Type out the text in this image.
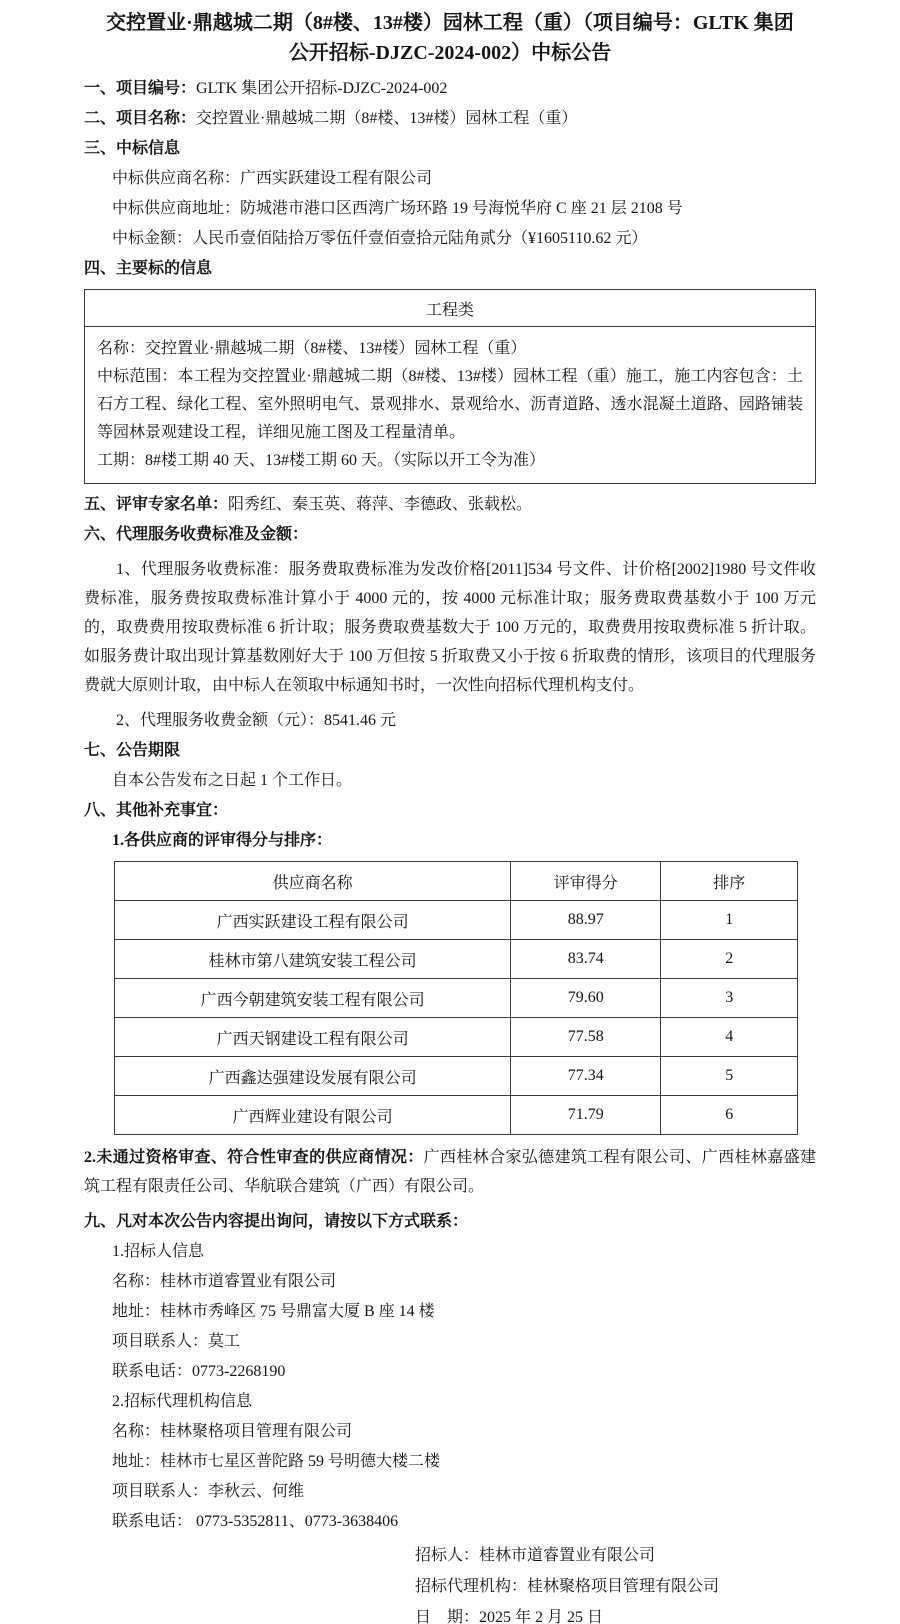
交控置业·鼎越城二期（8#楼、13#楼）园林工程（重）（项目编号：GLTK 集团
公开招标-DJZC-2024-002）中标公告
一、项目编号：GLTK 集团公开招标-DJZC-2024-002
二、项目名称：交控置业·鼎越城二期（8#楼、13#楼）园林工程（重）
三、中标信息
中标供应商名称：广西实跃建设工程有限公司
中标供应商地址：防城港市港口区西湾广场环路 19 号海悦华府 C 座 21 层 2108 号
中标金额：人民币壹佰陆拾万零伍仟壹佰壹拾元陆角贰分（¥1605110.62 元）
四、主要标的信息
工程类

名称：交控置业·鼎越城二期（8#楼、13#楼）园林工程（重）

中标范围：本工程为交控置业·鼎越城二期（8#楼、13#楼）园林工程（重）施工，施工内容包含：土石方工程、绿化工程、室外照明电气、景观排水、景观给水、沥青道路、透水混凝土道路、园路铺装等园林景观建设工程，详细见施工图及工程量清单。

工期：8#楼工期 40 天、13#楼工期 60 天。（实际以开工令为准）

五、评审专家名单：阳秀红、秦玉英、蒋萍、李德政、张载松。
六、代理服务收费标准及金额：

1、代理服务收费标准：服务费取费标准为发改价格[2011]534 号文件、计价格[2002]1980 号文件收费标准，服务费按取费标准计算小于 4000 元的，按 4000 元标准计取；服务费取费基数小于 100 万元的，取费费用按取费标准 6 折计取；服务费取费基数大于 100 万元的，取费费用按取费标准 5 折计取。如服务费计取出现计算基数刚好大于 100 万但按 5 折取费又小于按 6 折取费的情形，该项目的代理服务费就大原则计取，由中标人在领取中标通知书时，一次性向招标代理机构支付。

2、代理服务收费金额（元）：8541.46 元
七、公告期限
自本公告发布之日起 1 个工作日。
八、其他补充事宜：
1.各供应商的评审得分与排序：
供应商名称	评审得分	排序
广西实跃建设工程有限公司	88.97	1
桂林市第八建筑安装工程公司	83.74	2
广西今朝建筑安装工程有限公司	79.60	3
广西天钢建设工程有限公司	77.58	4
广西鑫达强建设发展有限公司	77.34	5
广西辉业建设有限公司	71.79	6

2.未通过资格审查、符合性审查的供应商情况：广西桂林合家弘德建筑工程有限公司、广西桂林嘉盛建筑工程有限责任公司、华航联合建筑（广西）有限公司。

九、凡对本次公告内容提出询问，请按以下方式联系：
1.招标人信息
名称：桂林市道睿置业有限公司
地址：桂林市秀峰区 75 号鼎富大厦 B 座 14 楼
项目联系人：莫工
联系电话：0773-2268190
2.招标代理机构信息
名称：桂林聚格项目管理有限公司
地址：桂林市七星区普陀路 59 号明德大楼二楼
项目联系人：李秋云、何维
联系电话： 0773-5352811、0773-3638406
招标人：桂林市道睿置业有限公司
招标代理机构：桂林聚格项目管理有限公司
日　期：2025 年 2 月 25 日
